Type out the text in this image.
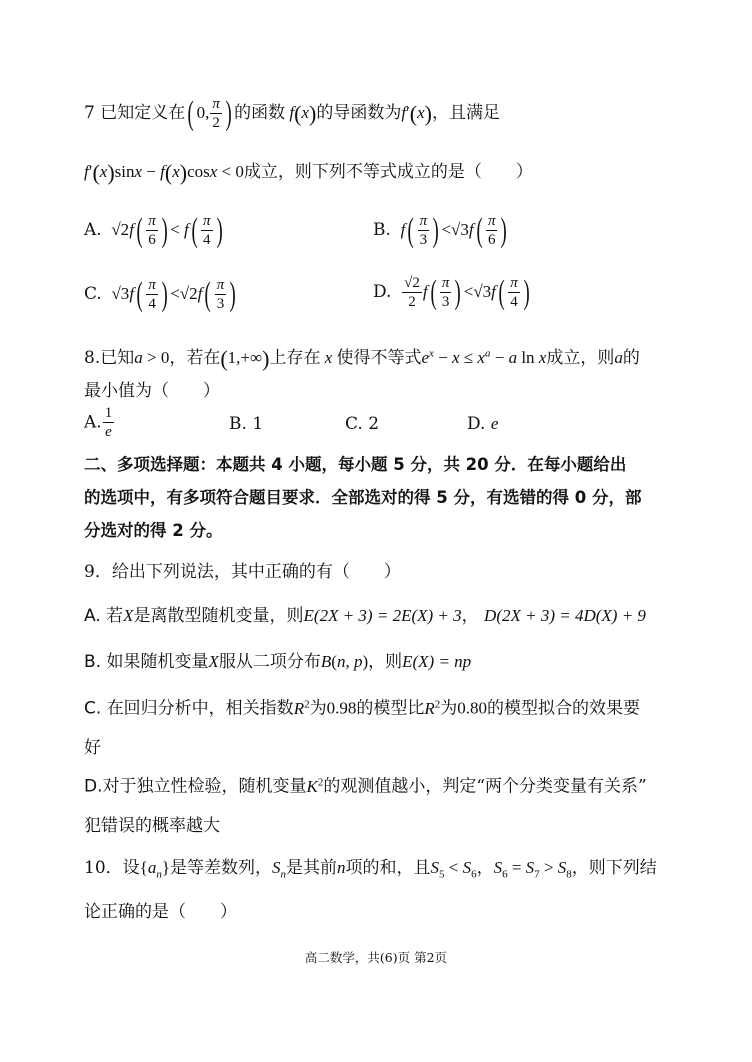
7 已知定义在( 0, $\frac{\pi}{2}$ ) 的函数 f(x)的导函数为f′(x)，且满足
f′(x)sinx − f(x)cosx < 0成立，则下列不等式成立的是（　　）
A.  $√2f( \frac{\pi}{6}$ ) < $f( \frac{\pi}{4}$ )	B. $f( \frac{\pi}{3}$ ) $<√3f( \frac{\pi}{6}$ )
C.  $√3f( \frac{\pi}{4}$ ) $<√2f( \frac{\pi}{3}$ )	D. $\frac{√2}{2} f( \frac{\pi}{3}$ ) $<√3f( \frac{\pi}{4}$ )
8.已知a > 0，若在(1,+∞)上存在 x 使得不等式$e^x - x \le x^a - a$ ln x成立，则a的
最小值为（　　）
A. $\frac{1}{e}$	B. 1	C. 2	D. e
二、多项选择题：本题共 4 小题，每小题 5 分，共 20 分．在每小题给出
的选项中，有多项符合题目要求．全部选对的得 5 分，有选错的得 0 分，部
分选对的得 2 分。
9．给出下列说法，其中正确的有（　　）
A. 若X是离散型随机变量，则E(2X + 3) = 2E(X) + 3， D(2X + 3) = 4D(X) + 9
B. 如果随机变量X服从二项分布B(n, p)，则E(X) = np
C. 在回归分析中，相关指数$R^2$为0.98的模型比$R^2$为0.80的模型拟合的效果要
好
D.对于独立性检验，随机变量$K^2$的观测值越小，判定“两个分类变量有关系”
犯错误的概率越大
10．设$\{a_n\}$是等差数列，$S_n$是其前n项的和，且$S_5 < S_6$，$S_6 = S_7 > S_8$，则下列结
论正确的是（　　）
高二数学，共(6)页 第2页
